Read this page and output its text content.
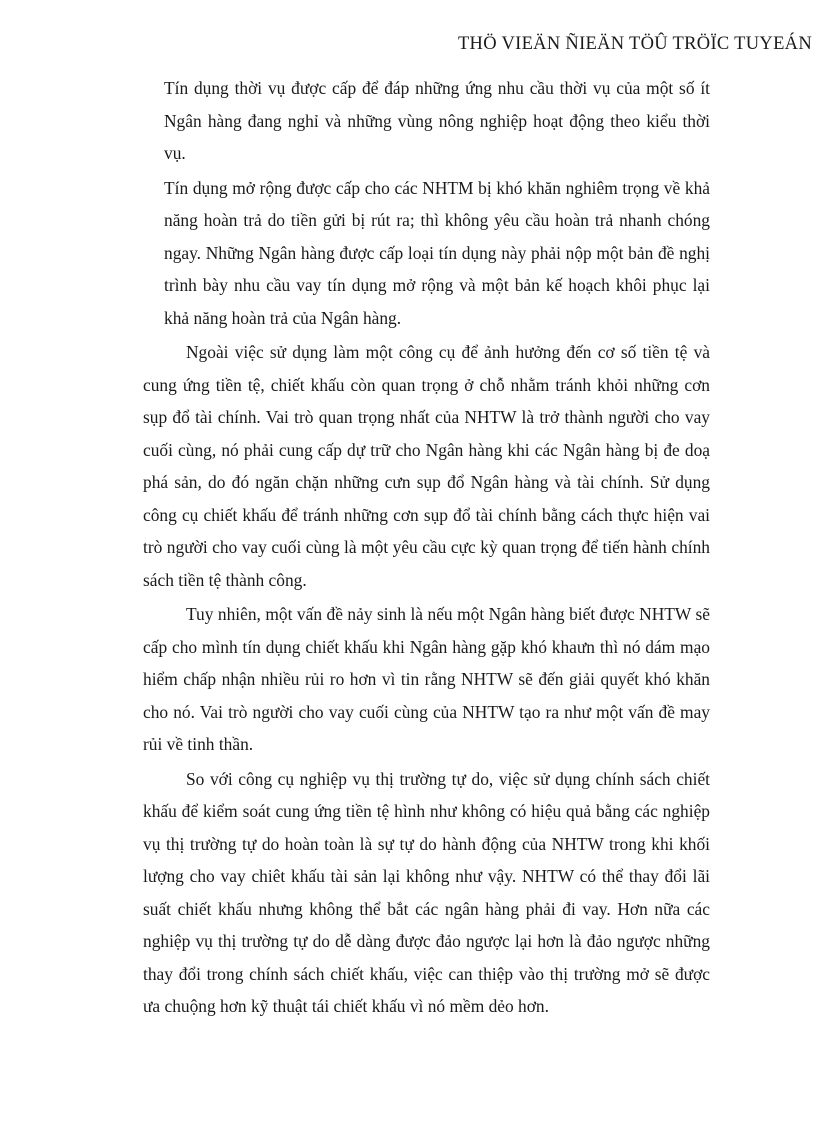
THÖ VIEÄN ÑIEÄN TÖÛ TRÖÏC TUYEÁN

Tín dụng thời vụ được cấp để đáp những ứng nhu cầu thời vụ của một số ít Ngân hàng đang nghỉ và những vùng nông nghiệp hoạt động theo kiểu thời vụ.

Tín dụng mở rộng được cấp cho các NHTM bị khó khăn nghiêm trọng về khả năng hoàn trả do tiền gửi bị rút ra; thì không yêu cầu hoàn trả nhanh chóng ngay. Những Ngân hàng được cấp loại tín dụng này phải nộp một bản đề nghị trình bày nhu cầu vay tín dụng mở rộng và một bản kế hoạch khôi phục lại khả năng hoàn trả của Ngân hàng.

Ngoài việc sử dụng làm một công cụ để ảnh hưởng đến cơ số tiền tệ và cung ứng tiền tệ, chiết khấu còn quan trọng ở chỗ nhằm tránh khỏi những cơn sụp đổ tài chính. Vai trò quan trọng nhất của NHTW là trở thành người cho vay cuối cùng, nó phải cung cấp dự trữ cho Ngân hàng khi các Ngân hàng bị đe doạ phá sản, do đó ngăn chặn những cưn sụp đổ Ngân hàng và tài chính. Sử dụng công cụ chiết khấu để tránh những cơn sụp đổ tài chính bằng cách thực hiện vai trò người cho vay cuối cùng là một yêu cầu cực kỳ quan trọng để tiến hành chính sách tiền tệ thành công.

Tuy nhiên, một vấn đề nảy sinh là nếu một Ngân hàng biết được NHTW sẽ cấp cho mình tín dụng chiết khấu khi Ngân hàng gặp khó khaưn thì nó dám mạo hiểm chấp nhận nhiều rủi ro hơn vì tin rằng NHTW sẽ đến giải quyết khó khăn cho nó. Vai trò người cho vay cuối cùng của NHTW tạo ra như một vấn đề may rủi về tinh thần.

So với công cụ nghiệp vụ thị trường tự do, việc sử dụng chính sách chiết khấu để kiểm soát cung ứng tiền tệ hình như không có hiệu quả bằng các nghiệp vụ thị trường tự do hoàn toàn là sự tự do hành động của NHTW trong khi khối lượng cho vay chiêt khấu tài sản lại không như vậy. NHTW có thể thay đổi lãi suất chiết khấu nhưng không thể bắt các ngân hàng phải đi vay. Hơn nữa các nghiệp vụ thị trường tự do dễ dàng được đảo ngược lại hơn là đảo ngược những thay đổi trong chính sách chiết khấu, việc can thiệp vào thị trường mở sẽ được ưa chuộng hơn kỹ thuật tái chiết khấu vì nó mềm dẻo hơn.
